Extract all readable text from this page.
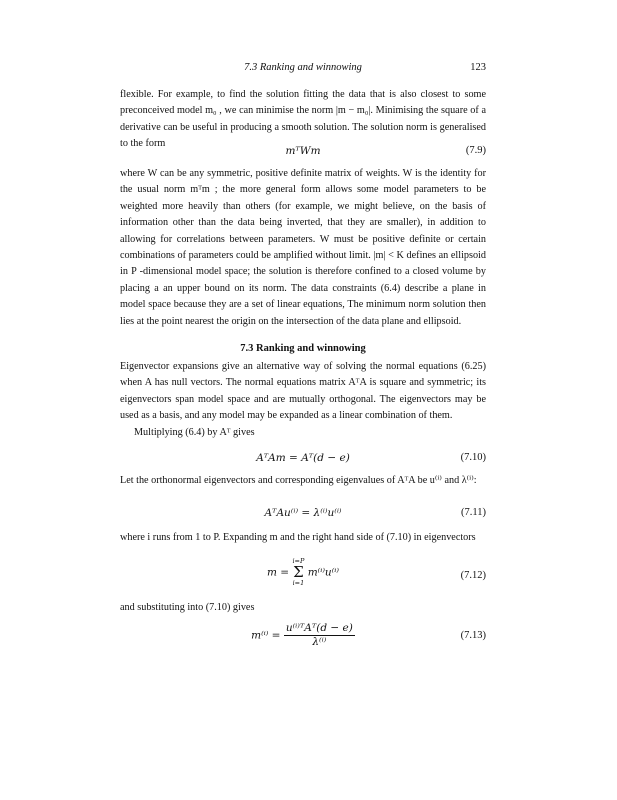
7.3 Ranking and winnowing	123
flexible. For example, to find the solution fitting the data that is also closest to some preconceived model m₀ , we can minimise the norm |m − m₀|. Minimising the square of a derivative can be useful in producing a smooth solution. The solution norm is generalised to the form
mᵀWm	(7.9)
where W can be any symmetric, positive definite matrix of weights. W is the identity for the usual norm mᵀm ; the more general form allows some model parameters to be weighted more heavily than others (for example, we might believe, on the basis of information other than the data being inverted, that they are smaller), in addition to allowing for correlations between parameters. W must be positive definite or certain combinations of parameters could be amplified without limit. |m| < K defines an ellipsoid in P -dimensional model space; the solution is therefore confined to a closed volume by placing a an upper bound on its norm. The data constraints (6.4) describe a plane in model space because they are a set of linear equations, The minimum norm solution then lies at the point nearest the origin on the intersection of the data plane and ellipsoid.
7.3 Ranking and winnowing
Eigenvector expansions give an alternative way of solving the normal equations (6.25) when A has null vectors. The normal equations matrix AᵀA is square and symmetric; its eigenvectors span model space and are mutually orthogonal. The eigenvectors may be used as a basis, and any model may be expanded as a linear combination of them.
Multiplying (6.4) by Aᵀ gives
AᵀAm = Aᵀ(d − e)	(7.10)
Let the orthonormal eigenvectors and corresponding eigenvalues of AᵀA be u⁽ⁱ⁾ and λ⁽ⁱ⁾:
AᵀAu⁽ⁱ⁾ = λ⁽ⁱ⁾u⁽ⁱ⁾	(7.11)
where i runs from 1 to P. Expanding m and the right hand side of (7.10) in eigenvectors
m =
i=P
Σ
i=1
m⁽ⁱ⁾u⁽ⁱ⁾	(7.12)
and substituting into (7.10) gives
$m^{(i)} = \frac{\text{u⁽ⁱ⁾ᵀAᵀ(d − e)}}{\text{λ⁽ⁱ⁾}}$	(7.13)
